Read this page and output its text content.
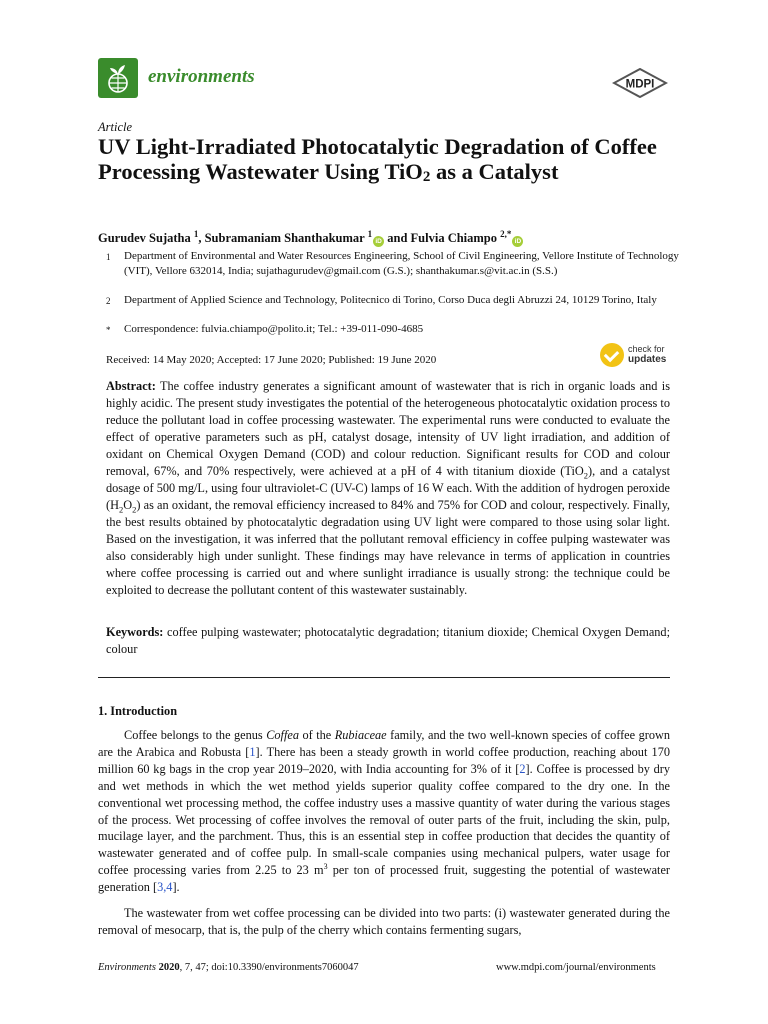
environments	MDPI
Article
UV Light-Irradiated Photocatalytic Degradation of Coffee Processing Wastewater Using TiO$_2$ as a Catalyst
Gurudev Sujatha $^1$, Subramaniam Shanthakumar $^1$iD and Fulvia Chiampo $^{2,*}$iD
1 Department of Environmental and Water Resources Engineering, School of Civil Engineering, Vellore Institute of Technology (VIT), Vellore 632014, India; sujathagurudev@gmail.com (G.S.); shanthakumar.s@vit.ac.in (S.S.)
2 Department of Applied Science and Technology, Politecnico di Torino, Corso Duca degli Abruzzi 24, 10129 Torino, Italy
* Correspondence: fulvia.chiampo@polito.it; Tel.: +39-011-090-4685
Received: 14 May 2020; Accepted: 17 June 2020; Published: 19 June 2020
check for
updates

Abstract: The coffee industry generates a significant amount of wastewater that is rich in organic loads and is highly acidic. The present study investigates the potential of the heterogeneous photocatalytic oxidation process to reduce the pollutant load in coffee processing wastewater. The experimental runs were conducted to evaluate the effect of operative parameters such as pH, catalyst dosage, intensity of UV light irradiation, and addition of oxidant on Chemical Oxygen Demand (COD) and colour reduction. Significant results for COD and colour removal, 67%, and 70% respectively, were achieved at a pH of 4 with titanium dioxide (TiO$_2$), and a catalyst dosage of 500 mg/L, using four ultraviolet-C (UV-C) lamps of 16 W each. With the addition of hydrogen peroxide $(H_2O_2)$ as an oxidant, the removal efficiency increased to 84% and 75% for COD and colour, respectively. Finally, the best results obtained by photocatalytic degradation using UV light were compared to those using solar light. Based on the investigation, it was inferred that the pollutant removal efficiency in coffee pulping wastewater was also considerably high under sunlight. These findings may have relevance in terms of application in countries where coffee processing is carried out and where sunlight irradiance is usually strong: the technique could be exploited to decrease the pollutant content of this wastewater sustainably.

Keywords: coffee pulping wastewater; photocatalytic degradation; titanium dioxide; Chemical Oxygen Demand; colour

1. Introduction

Coffee belongs to the genus Coffea of the Rubiaceae family, and the two well-known species of coffee grown are the Arabica and Robusta [1]. There has been a steady growth in world coffee production, reaching about 170 million 60 kg bags in the crop year 2019–2020, with India accounting for 3% of it [2]. Coffee is processed by dry and wet methods in which the wet method yields superior quality coffee compared to the dry one. In the conventional wet processing method, the coffee industry uses a massive quantity of water during the various stages of the process. Wet processing of coffee involves the removal of outer parts of the fruit, including the skin, pulp, mucilage layer, and the parchment. Thus, this is an essential step in coffee production that decides the quantity of wastewater generated and of coffee pulp. In small-scale companies using mechanical pulpers, water usage for coffee processing varies from 2.25 to 23 $m^3$ per ton of processed fruit, suggesting the potential of wastewater generation [3,4].

The wastewater from wet coffee processing can be divided into two parts: (i) wastewater generated during the removal of mesocarp, that is, the pulp of the cherry which contains fermenting sugars,

Environments 2020, 7, 47; doi:10.3390/environments7060047	www.mdpi.com/journal/environments
